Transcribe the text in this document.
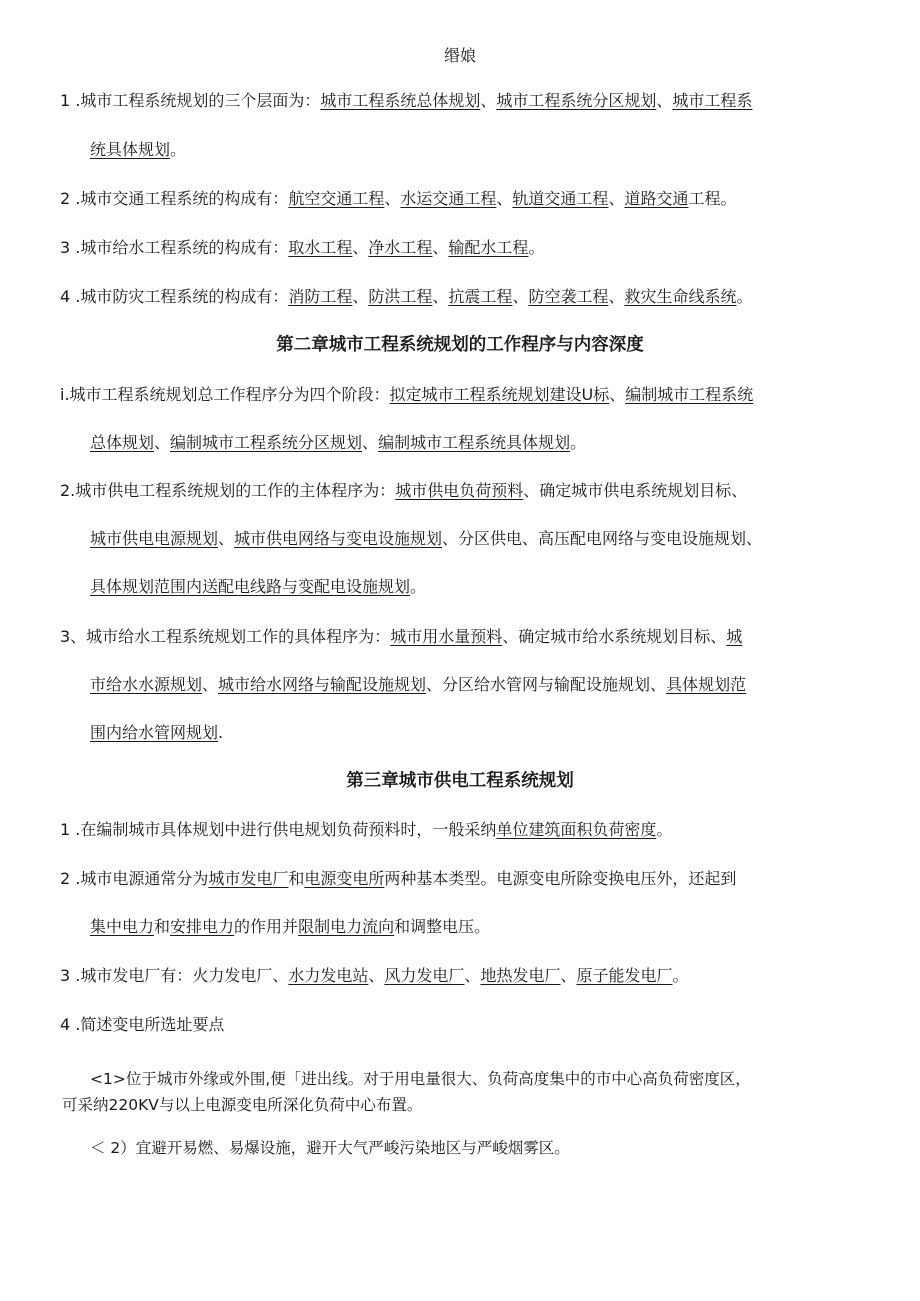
缗娘
1 .城市工程系统规划的三个层面为：城市工程系统总体规划、城市工程系统分区规划、城市工程系
统具体规划。
2 .城市交通工程系统的构成有：航空交通工程、水运交通工程、轨道交通工程、道路交通工程。
3 .城市给水工程系统的构成有：取水工程、净水工程、输配水工程。
4 .城市防灾工程系统的构成有：消防工程、防洪工程、抗震工程、防空袭工程、救灾生命线系统。
第二章城市工程系统规划的工作程序与内容深度
i.城市工程系统规划总工作程序分为四个阶段：拟定城市工程系统规划建设U标、编制城市工程系统
总体规划、编制城市工程系统分区规划、编制城市工程系统具体规划。
2.城市供电工程系统规划的工作的主体程序为：城市供电负荷预料、确定城市供电系统规划目标、
城市供电电源规划、城市供电网络与变电设施规划、分区供电、高压配电网络与变电设施规划、
具体规划范围内送配电线路与变配电设施规划。
3、城市给水工程系统规划工作的具体程序为：城市用水量预料、确定城市给水系统规划目标、城
市给水水源规划、城市给水网络与输配设施规划、分区给水管网与输配设施规划、具体规划范
围内给水管网规划.
第三章城市供电工程系统规划
1 .在编制城市具体规划中进行供电规划负荷预料时，一般采纳单位建筑面积负荷密度。
2 .城市电源通常分为城市发电厂和电源变电所两种基本类型。电源变电所除变换电压外，还起到
集中电力和安排电力的作用并限制电力流向和调整电压。
3 .城市发电厂有：火力发电厂、水力发电站、风力发电厂、地热发电厂、原子能发电厂。
4 .简述变电所选址要点
<1>位于城市外缘或外围,便「进出线。对于用电量很大、负荷高度集中的市中心高负荷密度区，
可采纳220KV与以上电源变电所深化负荷中心布置。
＜ 2）宜避开易燃、易爆设施，避开大气严峻污染地区与严峻烟雾区。
